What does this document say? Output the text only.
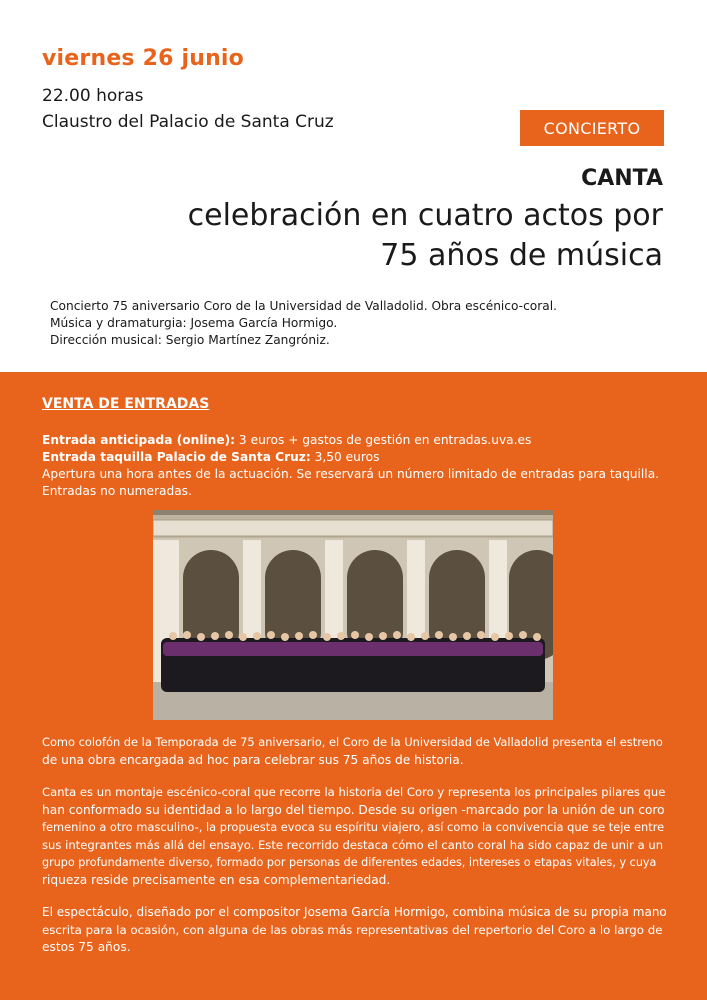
viernes 26 junio
22.00 horas
Claustro del Palacio de Santa Cruz	CONCIERTO
CANTA
celebración en cuatro actos por
75 años de música
Concierto 75 aniversario Coro de la Universidad de Valladolid. Obra escénico-coral.
Música y dramaturgia: Josema García Hormigo.
Dirección musical: Sergio Martínez Zangróniz.
VENTA DE ENTRADAS
Entrada anticipada (online): 3 euros + gastos de gestión en entradas.uva.es
Entrada taquilla Palacio de Santa Cruz: 3,50 euros
Apertura una hora antes de la actuación. Se reservará un número limitado de entradas para taquilla.
Entradas no numeradas.
Como colofón de la Temporada de 75 aniversario, el Coro de la Universidad de Valladolid presenta el estreno
de una obra encargada ad hoc para celebrar sus 75 años de historia.
Canta es un montaje escénico-coral que recorre la historia del Coro y representa los principales pilares que
han conformado su identidad a lo largo del tiempo. Desde su origen -marcado por la unión de un coro
femenino a otro masculino-, la propuesta evoca su espíritu viajero, así como la convivencia que se teje entre
sus integrantes más allá del ensayo. Este recorrido destaca cómo el canto coral ha sido capaz de unir a un
grupo profundamente diverso, formado por personas de diferentes edades, intereses o etapas vitales, y cuya
riqueza reside precisamente en esa complementariedad.
El espectáculo, diseñado por el compositor Josema García Hormigo, combina música de su propia mano
escrita para la ocasión, con alguna de las obras más representativas del repertorio del Coro a lo largo de
estos 75 años.
